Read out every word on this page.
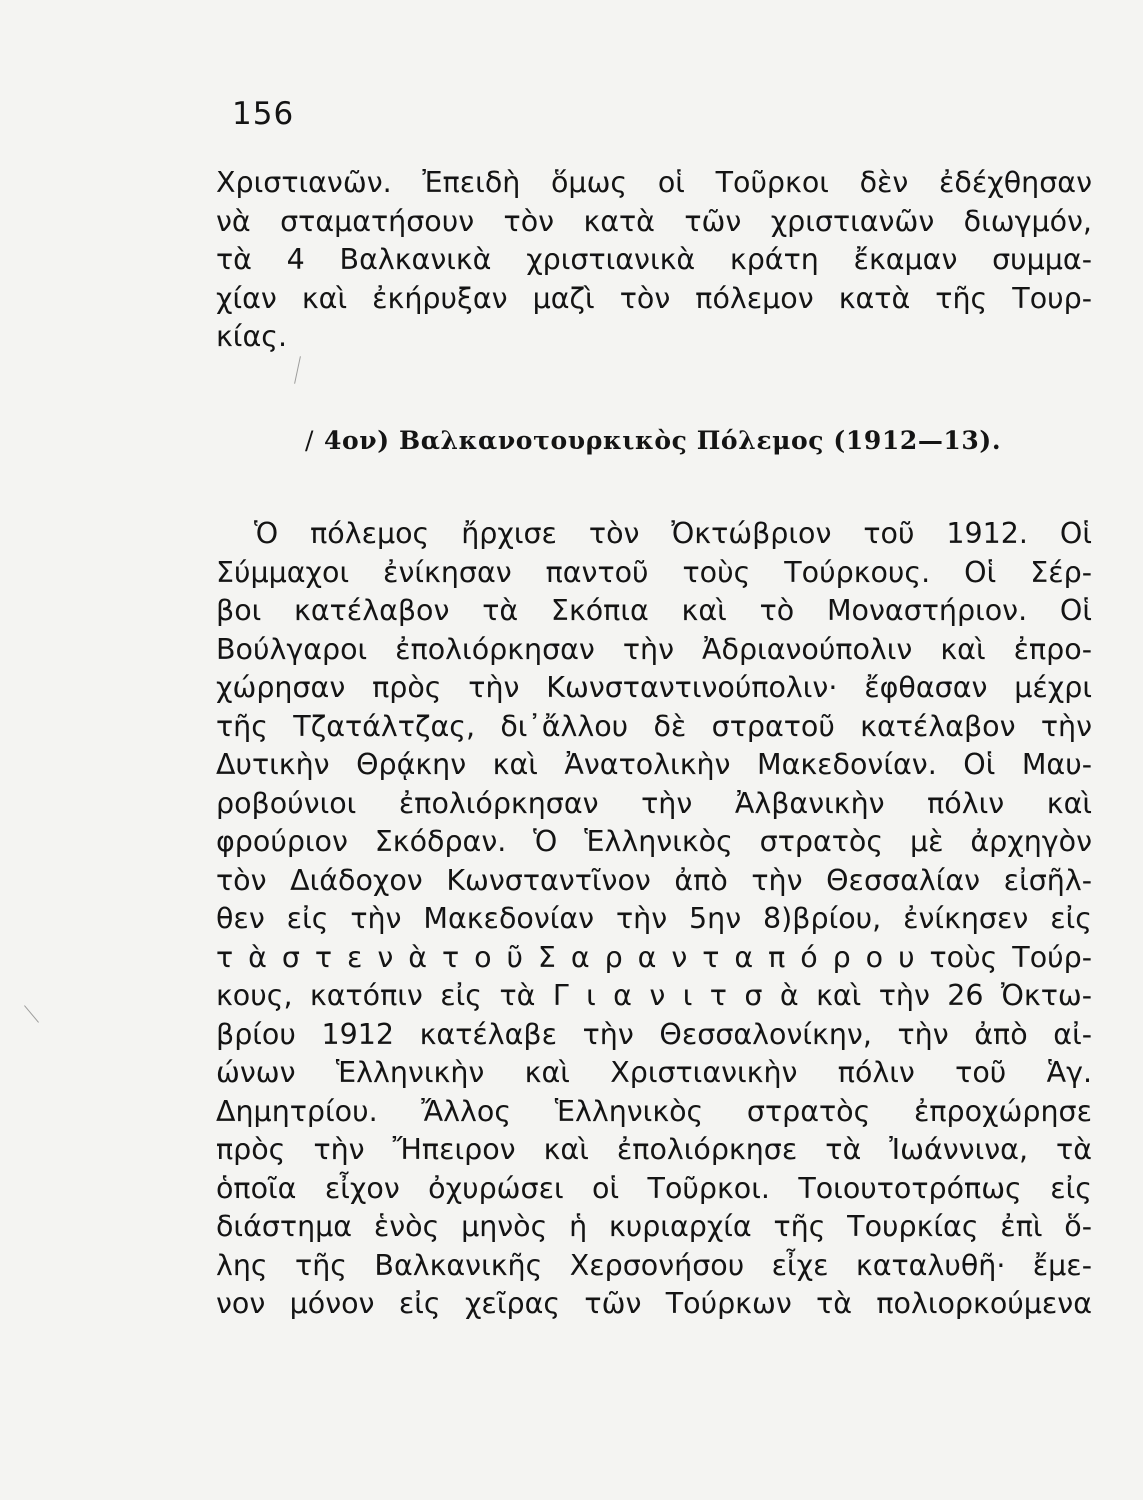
156
Χριστιανῶν. Ἐπειδὴ ὅμως οἱ Τοῦρκοι δὲν ἐδέχθησαν
νὰ σταματήσουν τὸν κατὰ τῶν χριστιανῶν διωγμόν,
τὰ 4 Βαλκανικὰ χριστιανικὰ κράτη ἔκαμαν συμμα-
χίαν καὶ ἐκήρυξαν μαζὶ τὸν πόλεμον κατὰ τῆς Τουρ-
κίας.
/ 4ον) Βαλκανοτουρκικὸς Πόλεμος (1912—13).
Ὁ πόλεμος ἤρχισε τὸν Ὀκτώβριον τοῦ 1912. Οἱ
Σύμμαχοι ἐνίκησαν παντοῦ τοὺς Τούρκους. Οἱ Σέρ-
βοι κατέλαβον τὰ Σκόπια καὶ τὸ Μοναστήριον. Οἱ
Βούλγαροι ἐπολιόρκησαν τὴν Ἀδριανούπολιν καὶ ἐπρο-
χώρησαν πρὸς τὴν Κωνσταντινούπολιν· ἔφθασαν μέχρι
τῆς Τζατάλτζας, δι᾿ἄλλου δὲ στρατοῦ κατέλαβον τὴν
Δυτικὴν Θρᾴκην καὶ Ἀνατολικὴν Μακεδονίαν. Οἱ Μαυ-
ροβούνιοι ἐπολιόρκησαν τὴν Ἀλβανικὴν πόλιν καὶ
φρούριον Σκόδραν. Ὁ Ἑλληνικὸς στρατὸς μὲ ἀρχηγὸν
τὸν Διάδοχον Κωνσταντῖνον ἀπὸ τὴν Θεσσαλίαν εἰσῆλ-
θεν εἰς τὴν Μακεδονίαν τὴν 5ην 8)βρίου, ἐνίκησεν εἰς
τ ὰ σ τ ε ν ὰ τ ο ῦ Σ α ρ α ν τ α π ό ρ ο υ τοὺς Τούρ-
κους, κατόπιν εἰς τὰ Γ ι α ν ι τ σ ὰ καὶ τὴν 26 Ὀκτω-
βρίου 1912 κατέλαβε τὴν Θεσσαλονίκην, τὴν ἀπὸ αἰ-
ώνων Ἑλληνικὴν καὶ Χριστιανικὴν πόλιν τοῦ Ἁγ.
Δημητρίου. Ἄλλος Ἑλληνικὸς στρατὸς ἐπροχώρησε
πρὸς τὴν Ἤπειρον καὶ ἐπολιόρκησε τὰ Ἰωάννινα, τὰ
ὁποῖα εἶχον ὀχυρώσει οἱ Τοῦρκοι. Τοιουτοτρόπως εἰς
διάστημα ἑνὸς μηνὸς ἡ κυριαρχία τῆς Τουρκίας ἐπὶ ὅ-
λης τῆς Βαλκανικῆς Χερσονήσου εἶχε καταλυθῆ· ἔμε-
νον μόνον εἰς χεῖρας τῶν Τούρκων τὰ πολιορκούμενα
